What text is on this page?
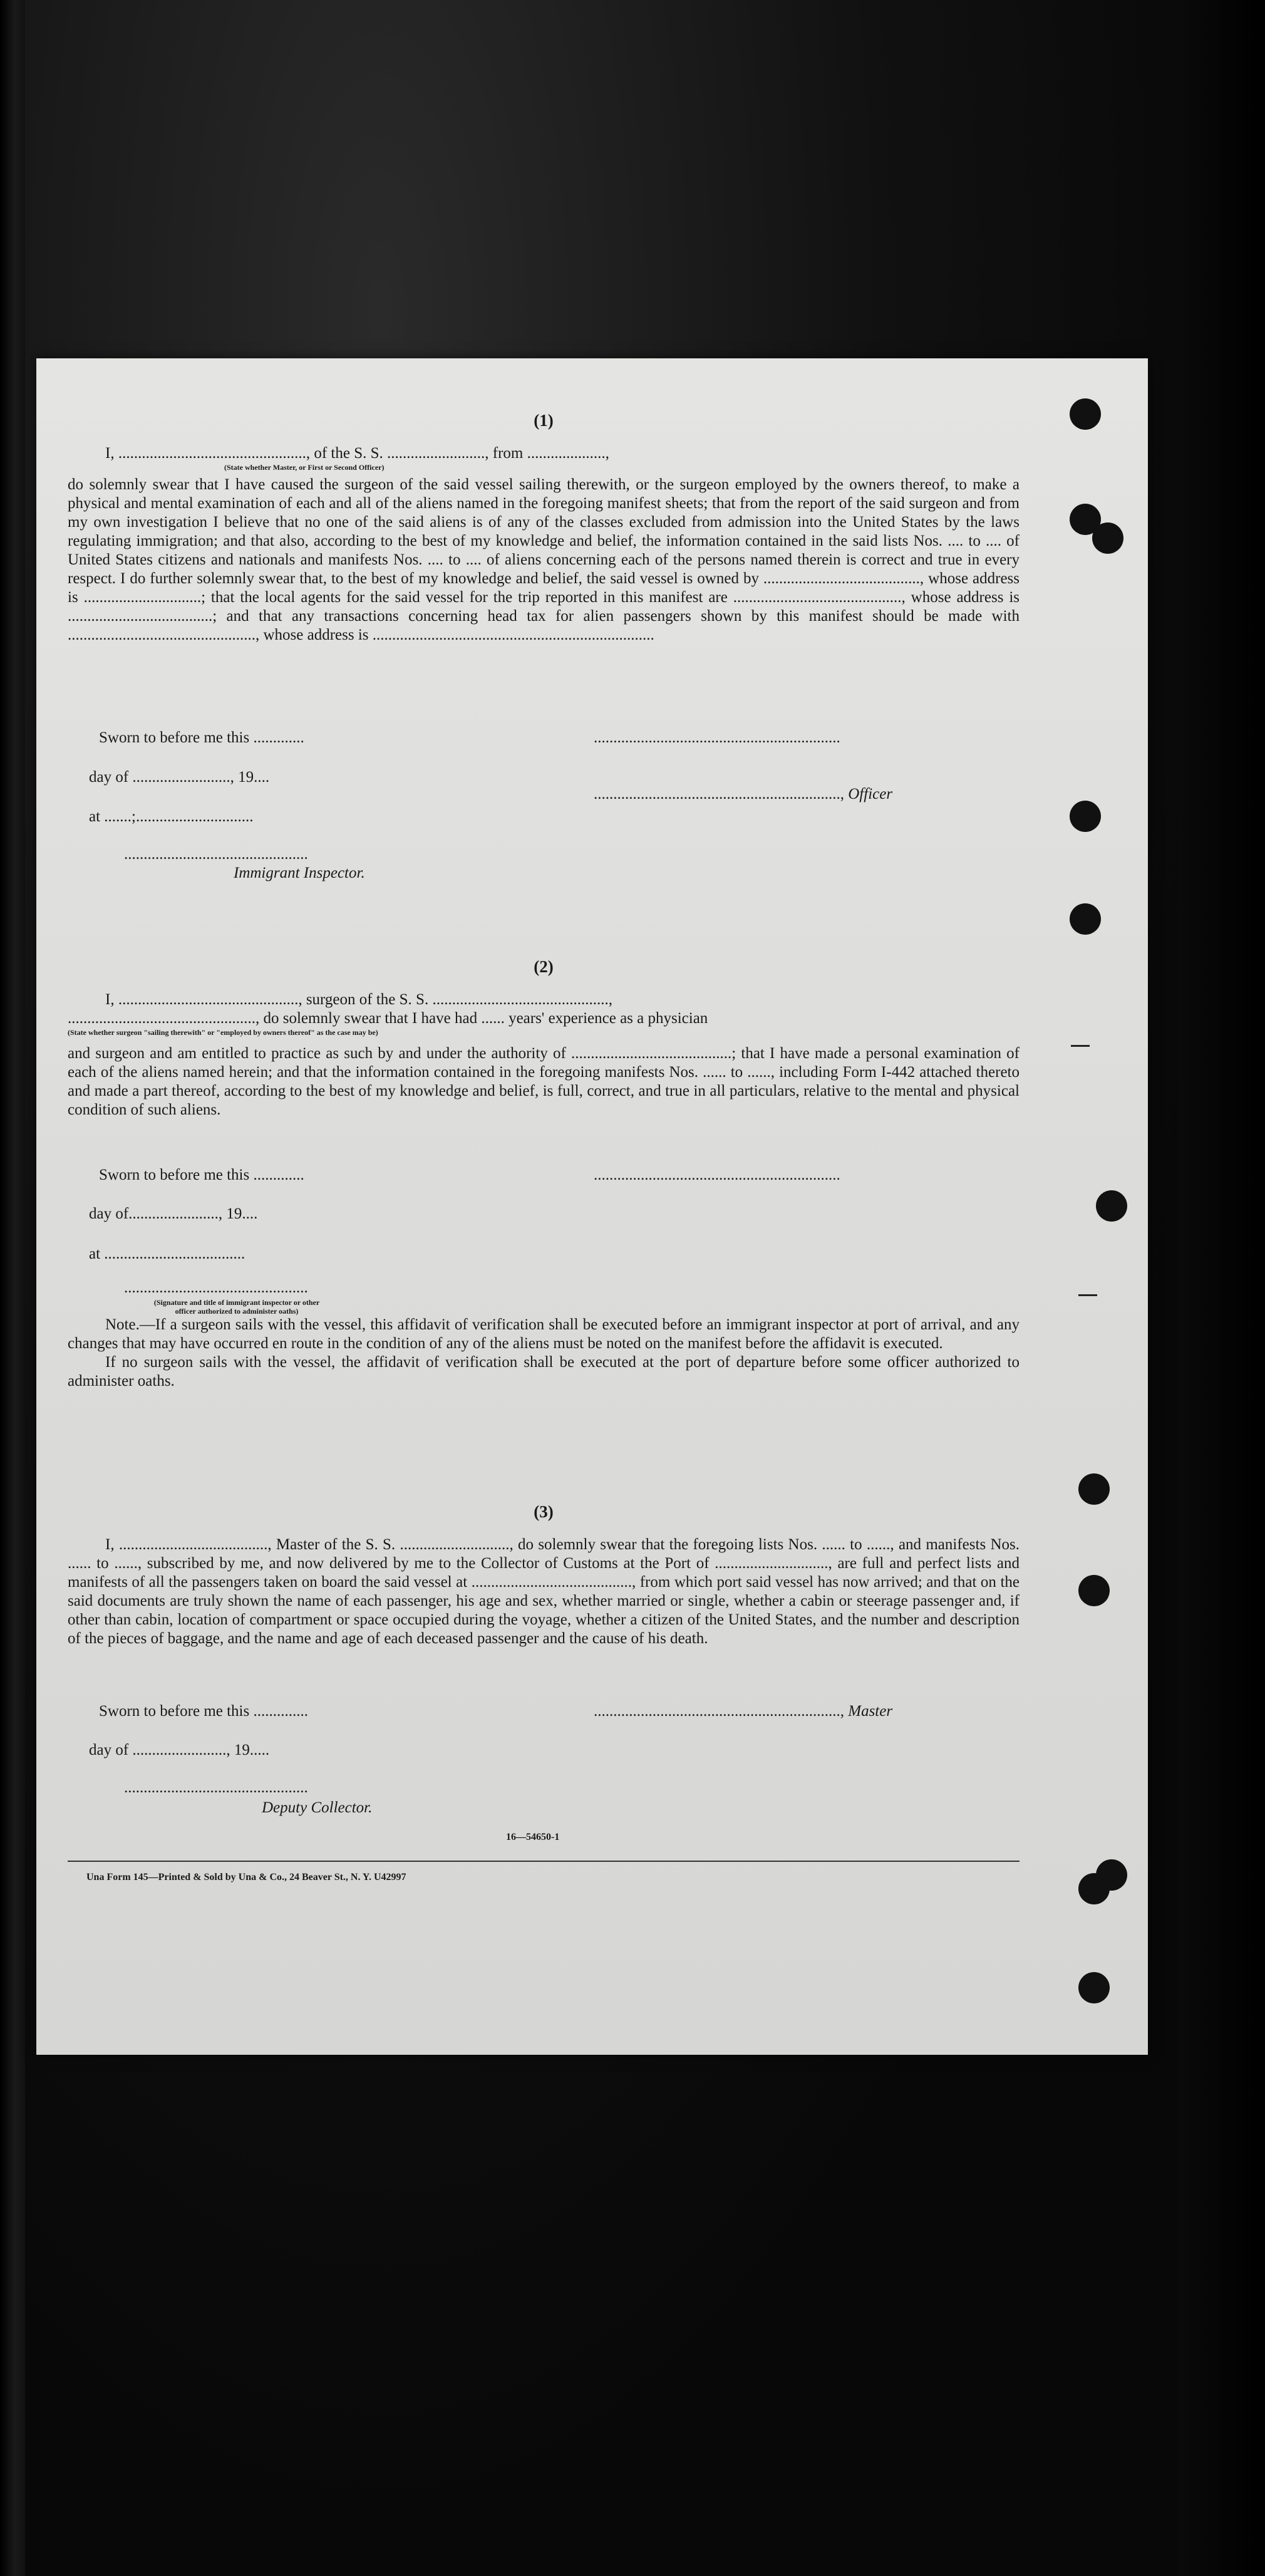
(1)
I, ................................................, of the S. S. ........................., from ....................,
(State whether Master, or First or Second Officer)
do solemnly swear that I have caused the surgeon of the said vessel sailing therewith, or the surgeon employed by the owners thereof, to make a physical and mental examination of each and all of the aliens named in the foregoing manifest sheets; that from the report of the said surgeon and from my own investigation I believe that no one of the said aliens is of any of the classes excluded from admission into the United States by the laws regulating immigration; and that also, according to the best of my knowledge and belief, the information contained in the said lists Nos. .... to .... of United States citizens and nationals and manifests Nos. .... to .... of aliens concerning each of the persons named therein is correct and true in every respect. I do further solemnly swear that, to the best of my knowledge and belief, the said vessel is owned by ........................................, whose address is ..............................; that the local agents for the said vessel for the trip reported in this manifest are ..........................................., whose address is .....................................; and that any transactions concerning head tax for alien passengers shown by this manifest should be made with ................................................, whose address is ........................................................................
Sworn to before me this .............	...............................................................
day of ........................., 19....
..............................................................., Officer
at .......;..............................
...............................................
Immigrant Inspector.
(2)
I, .............................................., surgeon of the S. S. .............................................,
................................................, do solemnly swear that I have had ...... years' experience as a physician
(State whether surgeon "sailing therewith" or "employed by owners thereof" as the case may be)
and surgeon and am entitled to practice as such by and under the authority of .........................................; that I have made a personal examination of each of the aliens named herein; and that the information contained in the foregoing manifests Nos. ...... to ......, including Form I-442 attached thereto and made a part thereof, according to the best of my knowledge and belief, is full, correct, and true in all particulars, relative to the mental and physical condition of such aliens.
Sworn to before me this .............	...............................................................
day of......................., 19....
at ....................................
...............................................
(Signature and title of immigrant inspector or other officer authorized to administer oaths)
Note.—If a surgeon sails with the vessel, this affidavit of verification shall be executed before an immigrant inspector at port of arrival, and any changes that may have occurred en route in the condition of any of the aliens must be noted on the manifest before the affidavit is executed.
If no surgeon sails with the vessel, the affidavit of verification shall be executed at the port of departure before some officer authorized to administer oaths.
(3)
I, ......................................, Master of the S. S. ............................, do solemnly swear that the foregoing lists Nos. ...... to ......, and manifests Nos. ...... to ......, subscribed by me, and now delivered by me to the Collector of Customs at the Port of ............................., are full and perfect lists and manifests of all the passengers taken on board the said vessel at ........................................., from which port said vessel has now arrived; and that on the said documents are truly shown the name of each passenger, his age and sex, whether married or single, whether a cabin or steerage passenger and, if other than cabin, location of compartment or space occupied during the voyage, whether a citizen of the United States, and the number and description of the pieces of baggage, and the name and age of each deceased passenger and the cause of his death.
Sworn to before me this ..............	..............................................................., Master
day of ........................, 19.....
...............................................
Deputy Collector.
16—54650-1
Una Form 145—Printed & Sold by Una & Co., 24 Beaver St., N. Y. U42997
